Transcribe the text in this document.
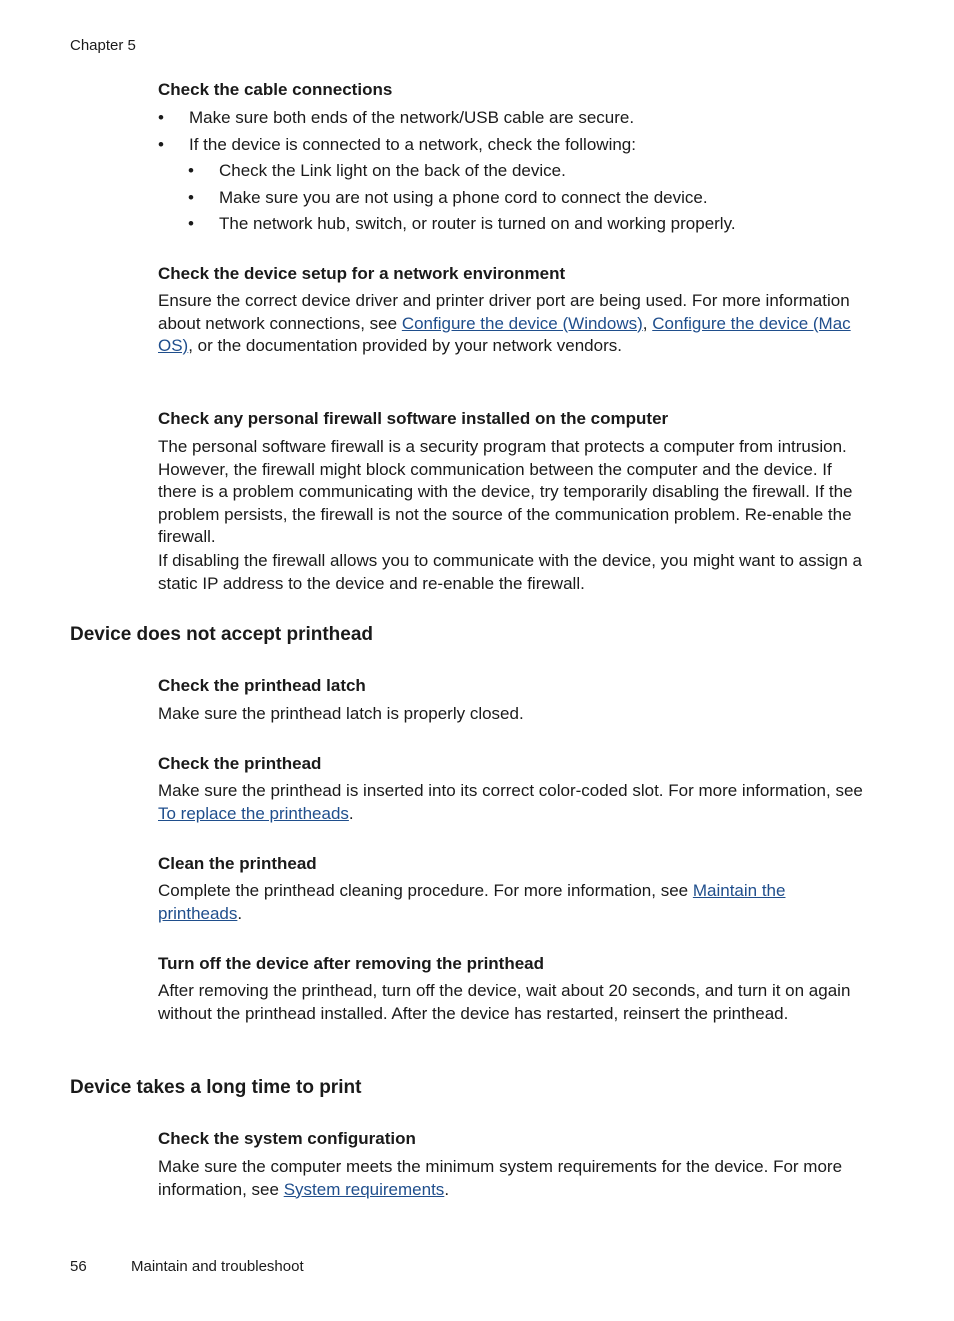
Chapter 5
Check the cable connections
• Make sure both ends of the network/USB cable are secure.
• If the device is connected to a network, check the following:
• Check the Link light on the back of the device.
• Make sure you are not using a phone cord to connect the device.
• The network hub, switch, or router is turned on and working properly.
Check the device setup for a network environment
Ensure the correct device driver and printer driver port are being used. For more information about network connections, see Configure the device (Windows), Configure the device (Mac OS), or the documentation provided by your network vendors.
Check any personal firewall software installed on the computer
The personal software firewall is a security program that protects a computer from intrusion. However, the firewall might block communication between the computer and the device. If there is a problem communicating with the device, try temporarily disabling the firewall. If the problem persists, the firewall is not the source of the communication problem. Re-enable the firewall.
If disabling the firewall allows you to communicate with the device, you might want to assign a static IP address to the device and re-enable the firewall.
Device does not accept printhead
Check the printhead latch
Make sure the printhead latch is properly closed.
Check the printhead
Make sure the printhead is inserted into its correct color-coded slot. For more information, see To replace the printheads.
Clean the printhead
Complete the printhead cleaning procedure. For more information, see Maintain the printheads.
Turn off the device after removing the printhead
After removing the printhead, turn off the device, wait about 20 seconds, and turn it on again without the printhead installed. After the device has restarted, reinsert the printhead.
Device takes a long time to print
Check the system configuration
Make sure the computer meets the minimum system requirements for the device. For more information, see System requirements.
56	Maintain and troubleshoot
